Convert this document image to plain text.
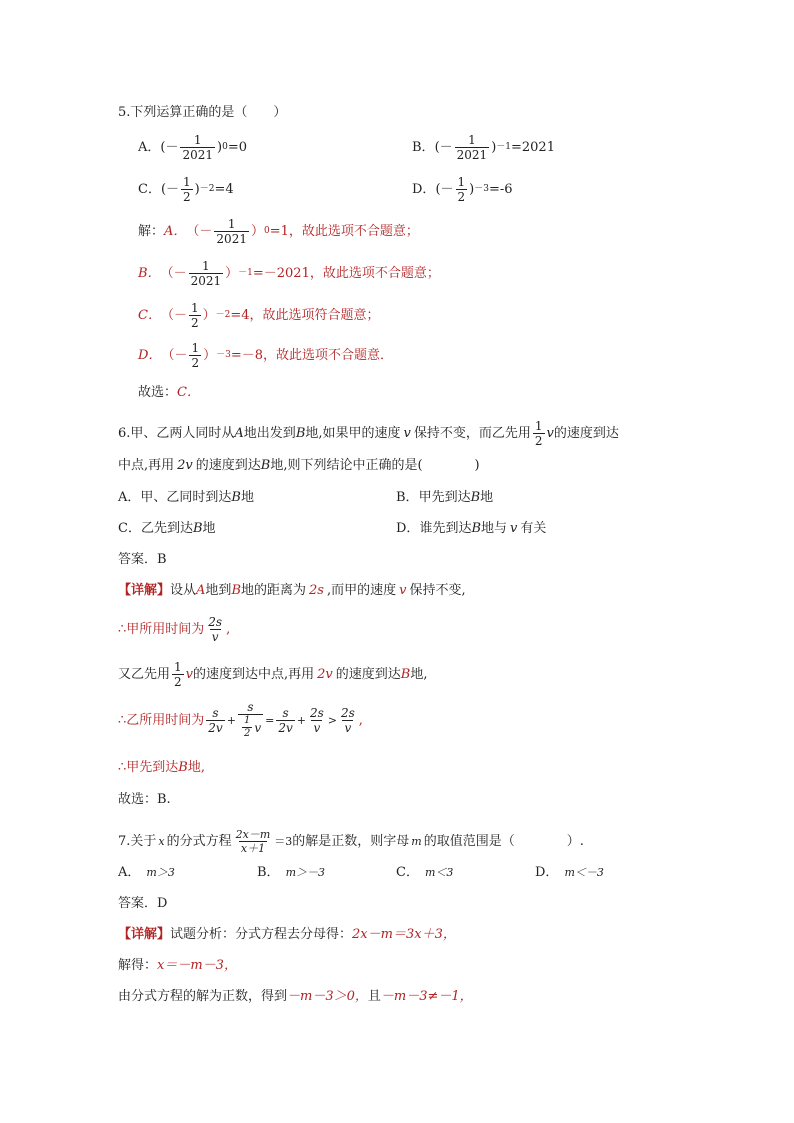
5.下列运算正确的是（　　）
A． (－ $\frac{1}{2021}$ ) 0 =0	B． (－ $\frac{1}{2021}$ ) －1 =2021
C． (－ $\frac{1}{2}$ ) －2 =4	D． (－ $\frac{1}{2}$ ) －3 =-6
解： A． （－ $\frac{1}{2021}$ ） 0 =1，故此选项不合题意；
B． （－ $\frac{1}{2021}$ ） －1 =－2021，故此选项不合题意；
C． （－ $\frac{1}{2}$ ） －2 =4，故此选项符合题意；
D． （－ $\frac{1}{2}$ ） －3 =－8，故此选项不合题意．
故选： C．
6.甲、乙两人同时从 A 地出发到 B 地,如果甲的速度 v 保持不变，而乙先用 $\frac{1}{2}$ v 的速度到达
中点,再用 2v 的速度到达 B 地,则下列结论中正确的是(　　　　)
A． 甲、乙同时到达 B 地	B． 甲先到达 B 地
C． 乙先到达 B 地	D． 谁先到达 B 地与 v 有关
答案．B
【详解】 设从 A 地到 B 地的距离为 2s ,而甲的速度 v 保持不变,
∴ 甲所用时间为 $\frac{2s}{v}$ ,
又乙先用 $\frac{1}{2}$ v 的速度到达中点,再用 2v 的速度到达 B 地,
∴ 乙所用时间为 $\frac{s}{2v} + \frac{s}{\frac{1}{2} v} = \frac{s}{2v} + \frac{2s}{v} > \frac{2s}{v}$ ,
∴ 甲先到达 B 地,
故选：B.
7.关于 x 的分式方程 $\frac{2x-m}{x+1} =3$ 的解是正数，则字母 m 的取值范围是（　　　　）.
A． m＞3	B． m＞－3	C． m＜3	D． m＜－3
答案．D
【详解】 试题分析：分式方程去分母得： 2x－m＝3x＋3，
解得： x＝－m－3，
由分式方程的解为正数，得到 －m－3＞0， 且 －m－3≠－1，
